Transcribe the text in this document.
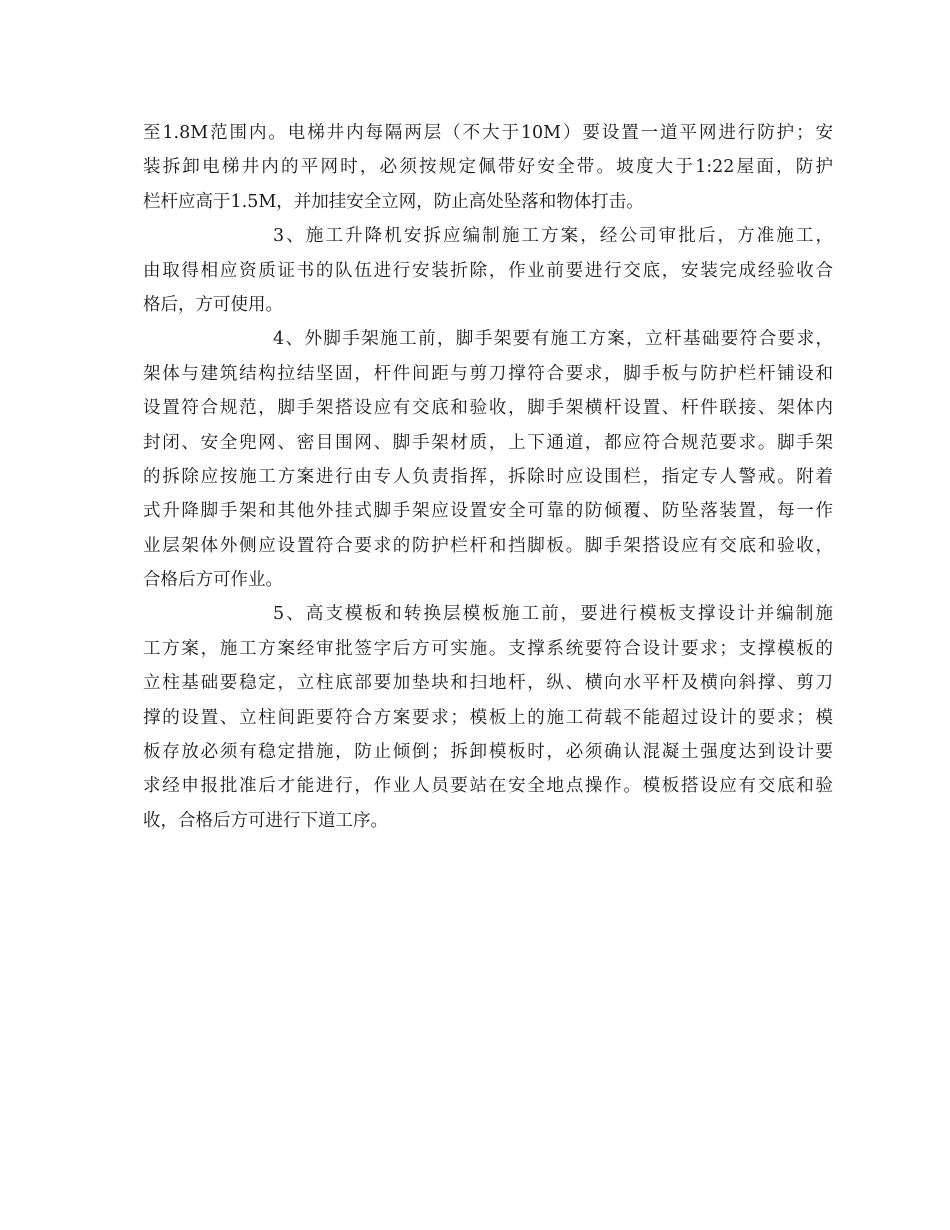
至1.8M范围内。电梯井内每隔两层（不大于10M）要设置一道平网进行防护；安
装拆卸电梯井内的平网时，必须按规定佩带好安全带。坡度大于1:22屋面，防护
栏杆应高于1.5M，并加挂安全立网，防止高处坠落和物体打击。
3、施工升降机安拆应编制施工方案，经公司审批后，方准施工，
由取得相应资质证书的队伍进行安装折除，作业前要进行交底，安装完成经验收合
格后，方可使用。
4、外脚手架施工前，脚手架要有施工方案，立杆基础要符合要求，
架体与建筑结构拉结坚固，杆件间距与剪刀撑符合要求，脚手板与防护栏杆铺设和
设置符合规范，脚手架搭设应有交底和验收，脚手架横杆设置、杆件联接、架体内
封闭、安全兜网、密目围网、脚手架材质，上下通道，都应符合规范要求。脚手架
的拆除应按施工方案进行由专人负责指挥，拆除时应设围栏，指定专人警戒。附着
式升降脚手架和其他外挂式脚手架应设置安全可靠的防倾覆、防坠落装置，每一作
业层架体外侧应设置符合要求的防护栏杆和挡脚板。脚手架搭设应有交底和验收，
合格后方可作业。
5、高支模板和转换层模板施工前，要进行模板支撑设计并编制施
工方案，施工方案经审批签字后方可实施。支撑系统要符合设计要求；支撑模板的
立柱基础要稳定，立柱底部要加垫块和扫地杆，纵、横向水平杆及横向斜撑、剪刀
撑的设置、立柱间距要符合方案要求；模板上的施工荷载不能超过设计的要求；模
板存放必须有稳定措施，防止倾倒；拆卸模板时，必须确认混凝土强度达到设计要
求经申报批准后才能进行，作业人员要站在安全地点操作。模板搭设应有交底和验
收，合格后方可进行下道工序。
